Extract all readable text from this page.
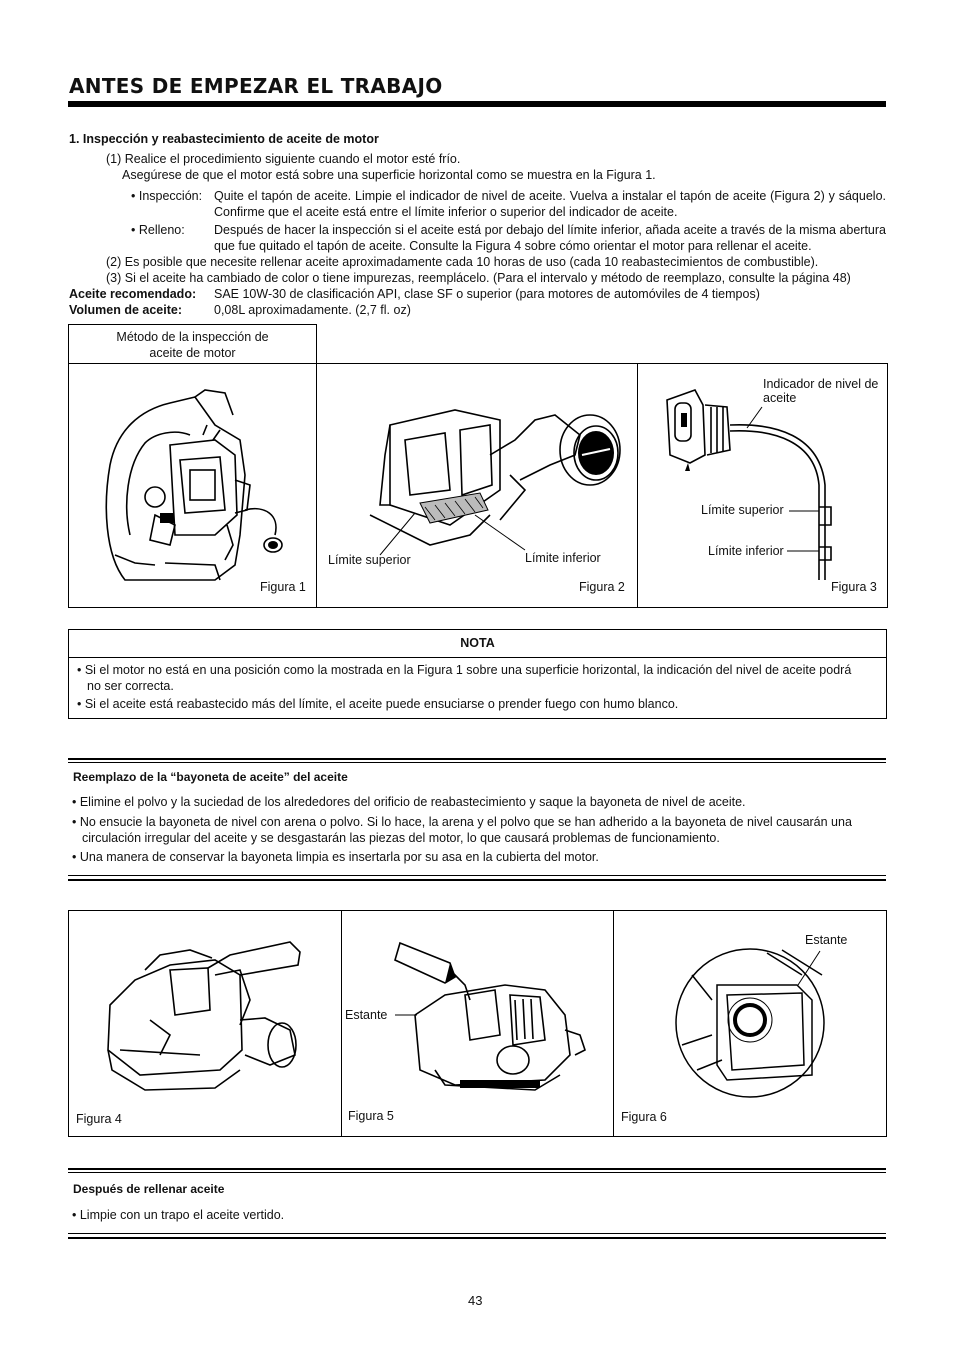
ANTES DE EMPEZAR EL TRABAJO
1. Inspección y reabastecimiento de aceite de motor
(1) Realice el procedimiento siguiente cuando el motor esté frío.
Asegúrese de que el motor está sobre una superficie horizontal como se muestra en la Figura 1.
• Inspección: Quite el tapón de aceite. Limpie el indicador de nivel de aceite. Vuelva a instalar el tapón de aceite (Figura 2) y sáquelo. Confirme que el aceite está entre el límite inferior o superior del indicador de aceite.
• Relleno: Después de hacer la inspección si el aceite está por debajo del límite inferior, añada aceite a través de la misma abertura que fue quitado el tapón de aceite. Consulte la Figura 4 sobre cómo orientar el motor para rellenar el aceite.
(2) Es posible que necesite rellenar aceite aproximadamente cada 10 horas de uso (cada 10 reabastecimientos de combustible).
(3) Si el aceite ha cambiado de color o tiene impurezas, reemplácelo. (Para el intervalo y método de reemplazo, consulte la página 48)
Aceite recomendado: SAE 10W-30 de clasificación API, clase SF o superior (para motores de automóviles de 4 tiempos)
Volumen de aceite:	0,08L aproximadamente. (2,7 fl. oz)
Método de la inspección de
aceite de motor
Figura 1
Límite superior	Límite inferior
Figura 2
Indicador de nivel de
aceite
Límite superior
Límite inferior
Figura 3
NOTA
• Si el motor no está en una posición como la mostrada en la Figura 1 sobre una superficie horizontal, la indicación del nivel de aceite podrá
no ser correcta.
• Si el aceite está reabastecido más del límite, el aceite puede ensuciarse o prender fuego con humo blanco.
Reemplazo de la “bayoneta de aceite” del aceite
• Elimine el polvo y la suciedad de los alrededores del orificio de reabastecimiento y saque la bayoneta de nivel de aceite.
• No ensucie la bayoneta de nivel con arena o polvo. Si lo hace, la arena y el polvo que se han adherido a la bayoneta de nivel causarán una
circulación irregular del aceite y se desgastarán las piezas del motor, lo que causará problemas de funcionamiento.
• Una manera de conservar la bayoneta limpia es insertarla por su asa en la cubierta del motor.
Figura 4
Estante
Figura 5
Estante
Figura 6
Después de rellenar aceite
• Limpie con un trapo el aceite vertido.
43
